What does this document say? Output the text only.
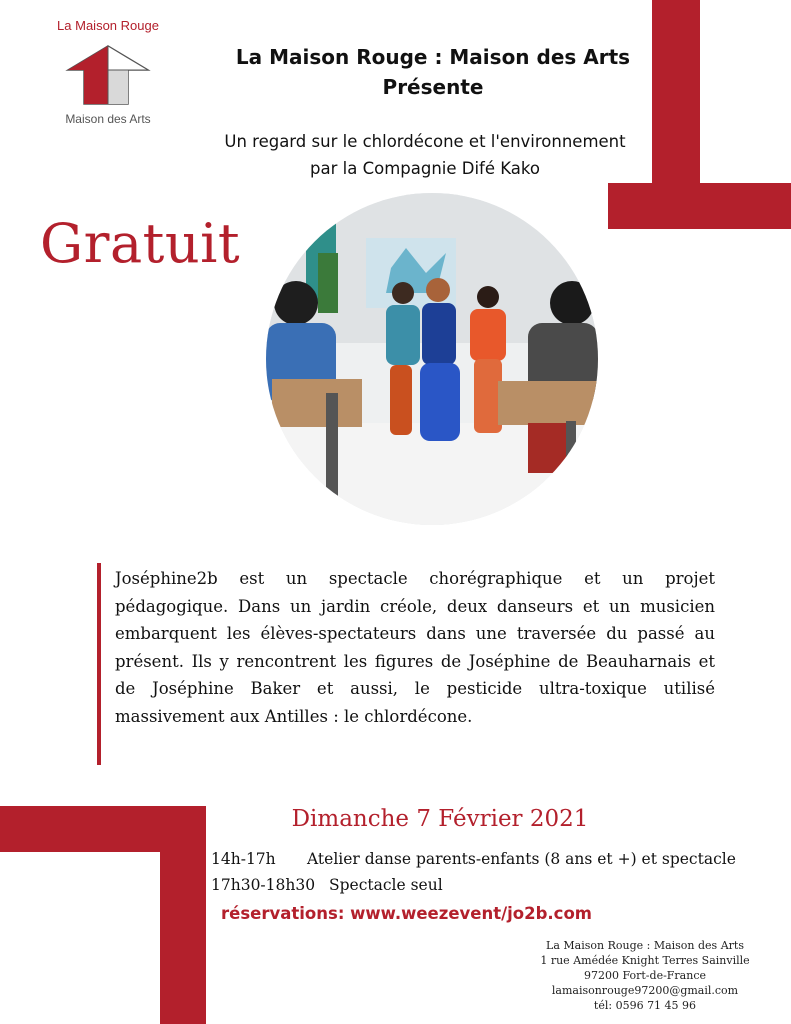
La Maison Rouge
Maison des Arts
La Maison Rouge : Maison des Arts
Présente
Un regard sur le chlordécone et l'environnement
par la Compagnie Difé Kako
Gratuit

Joséphine2b est un spectacle chorégraphique et un projet pédagogique. Dans un jardin créole, deux danseurs et un musicien embarquent les élèves-spectateurs dans une traversée du passé au présent. Ils y rencontrent les figures de Joséphine de Beauharnais et de Joséphine Baker et aussi, le pesticide ultra-toxique utilisé massivement aux Antilles : le chlordécone.

Dimanche 7 Février 2021
14h-17h Atelier danse parents-enfants (8 ans et +) et spectacle
17h30-18h30 Spectacle seul
réservations: www.weezevent/jo2b.com
La Maison Rouge : Maison des Arts
1 rue Amédée Knight Terres Sainville
97200 Fort-de-France
lamaisonrouge97200@gmail.com
tél: 0596 71 45 96
